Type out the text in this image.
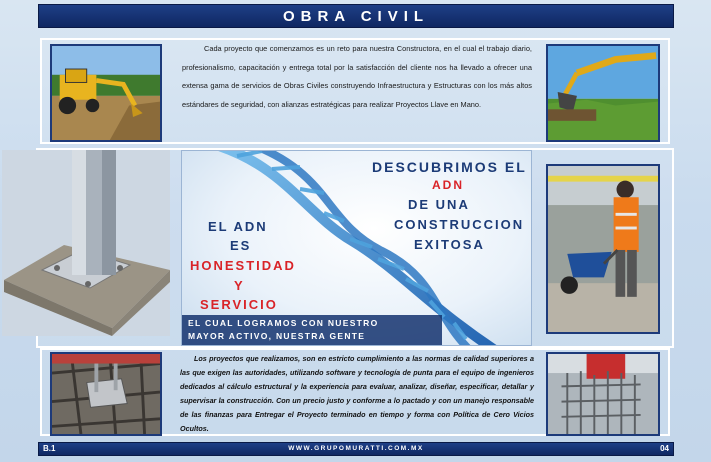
OBRA CIVIL

Cada proyecto que comenzamos es un reto para nuestra Constructora, en el cual el trabajo diario, profesionalismo, capacitación y entrega total por la satisfacción del cliente nos ha llevado a ofrecer una extensa gama de servicios de Obras Civiles construyendo Infraestructura y Estructuras con los más altos estándares de seguridad, con alianzas estratégicas para realizar Proyectos Llave en Mano.

DESCUBRIMOS EL
ADN
DE UNA
CONSTRUCCION
EXITOSA
EL ADN
ES
HONESTIDAD
Y
SERVICIO
EL CUAL LOGRAMOS CON NUESTRO
MAYOR ACTIVO, NUESTRA GENTE

Los proyectos que realizamos, son en estricto cumplimiento a las normas de calidad superiores a las que exigen las autoridades, utilizando software y tecnología de punta para el equipo de ingenieros dedicados al cálculo estructural y la experiencia para evaluar, analizar, diseñar, especificar, detallar y supervisar la construcción. Con un precio justo y conforme a lo pactado y con un manejo responsable de las finanzas para Entregar el Proyecto terminado en tiempo y forma con Política de Cero Vicios Ocultos.

B.1	WWW.GRUPOMURATTI.COM.MX	04
